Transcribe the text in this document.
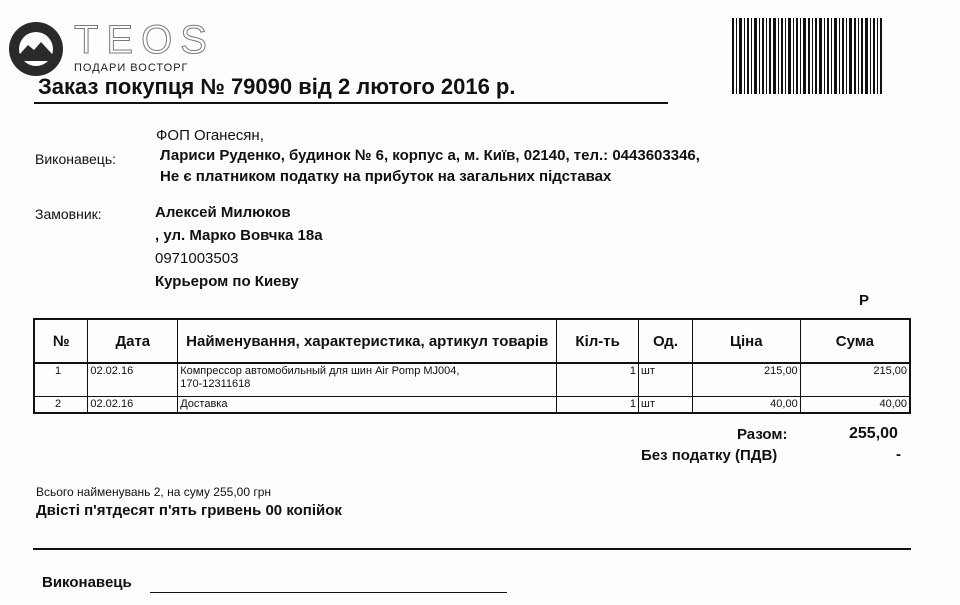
TEOS
ПОДАРИ ВОСТОРГ
Заказ покупця № 79090 від 2 лютого 2016 р.
ФОП Оганесян,
Виконавець:	Лариси Руденко, будинок № 6, корпус а, м. Київ, 02140, тел.: 0443603346,
Не є платником податку на прибуток на загальних підставах
Замовник:	Алексей Милюков
, ул. Марко Вовчка 18а
0971003503
Курьером по Киеву
Р
№	Дата	Найменування, характеристика, артикул товарів	Кіл-ть	Од.	Ціна	Сума
1	02.02.16	Компрессор автомобильный для шин Air Pomp MJ004,
170-12311618	1	шт	215,00	215,00
2	02.02.16	Доставка	1	шт	40,00	40,00
Разом:	255,00
Без податку (ПДВ)	-
Всього найменувань 2, на суму 255,00 грн
Двісті п'ятдесят п'ять гривень 00 копійок
Виконавець
